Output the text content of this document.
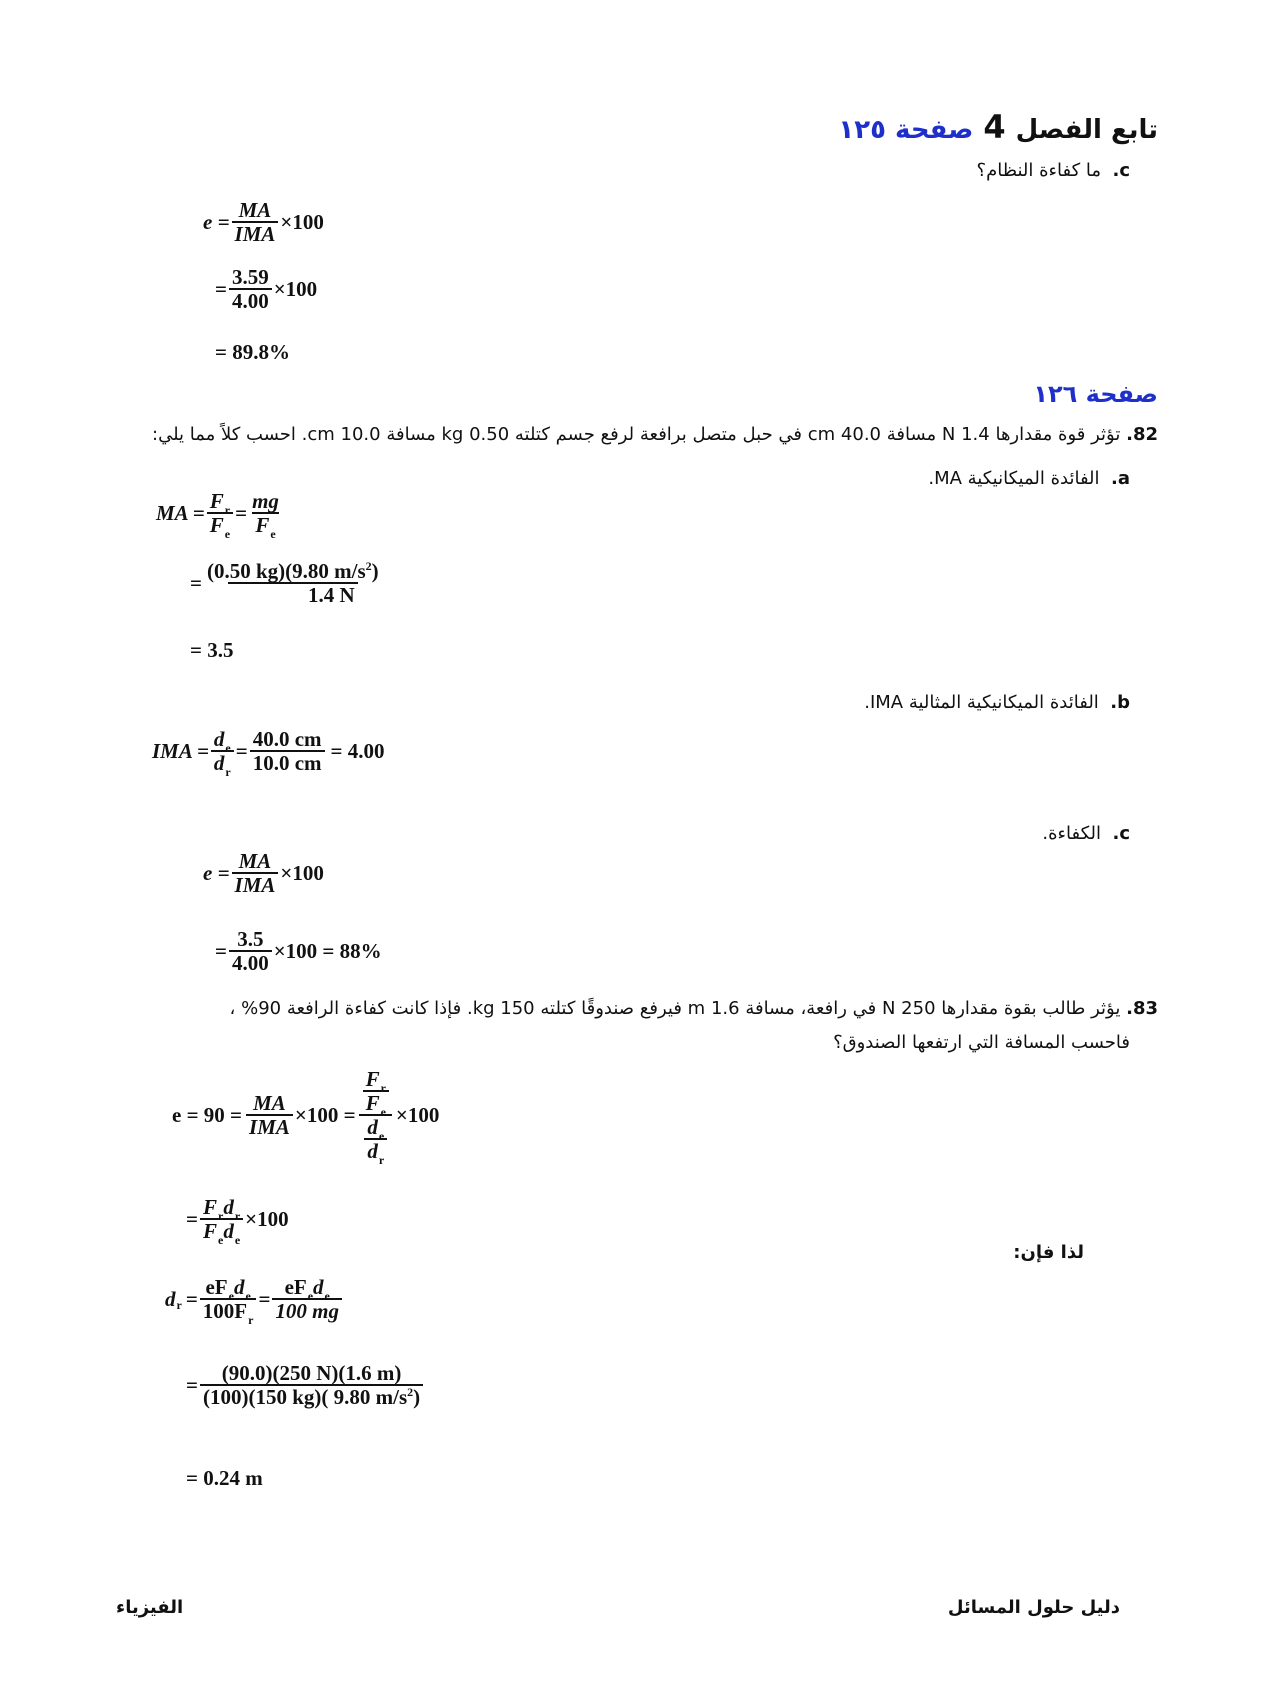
تابع الفصل4صفحة ١٢٥
c.  ما كفاءة النظام؟
$e = \frac{MA}{\text{IMA}} \times 100$
= $\frac{3.59}{4.00} \times 100$
= 89.8%
صفحة ١٢٦
82. تؤثر قوة مقدارها 1.4 N مسافة 40.0 cm في حبل متصل برافعة لرفع جسم كتلته 0.50 kg مسافة 10.0 cm. احسب كلاً مما يلي:
a.  الفائدة الميكانيكية MA.
MA = $\frac{F_r}{F_e} = \frac{mg}{F_e}$
= $\frac{(0.50 kg)(9.80 m/s^2)}{1.4 N}$
= 3.5
b.  الفائدة الميكانيكية المثالية IMA.
IMA = $\frac{d_e}{d_r} = \frac{40.0 cm}{10.0 cm} = 4.00$
c.  الكفاءة.
$e = \frac{MA}{\text{IMA}} \times 100$
= $\frac{3.5}{4.00} \times 100 = 88\%$
83. يؤثر طالب بقوة مقدارها 250 N في رافعة، مسافة 1.6 m فيرفع صندوقًا كتلته 150 kg. فإذا كانت كفاءة الرافعة 90% ،
فاحسب المسافة التي ارتفعها الصندوق؟
$e = 90 = \frac{MA}{\text{IMA}} \times 100 = \frac{\frac{F_r}{F_e}}{\frac{d_e}{d_r}} \times 100$
= $\frac{F_rd_r}{F_ed_e} \times 100$
لذا فإن:
d $r = \frac{eF_ed_e}{100F_r} = \frac{eF_ed_e}{100 mg}$
= $\frac{(90.0)(250 N)(1.6 m)}{(100)(150 kg)( 9.80 m/s^2)}$
= 0.24 m
الفيزياء	دليل حلول المسائل
